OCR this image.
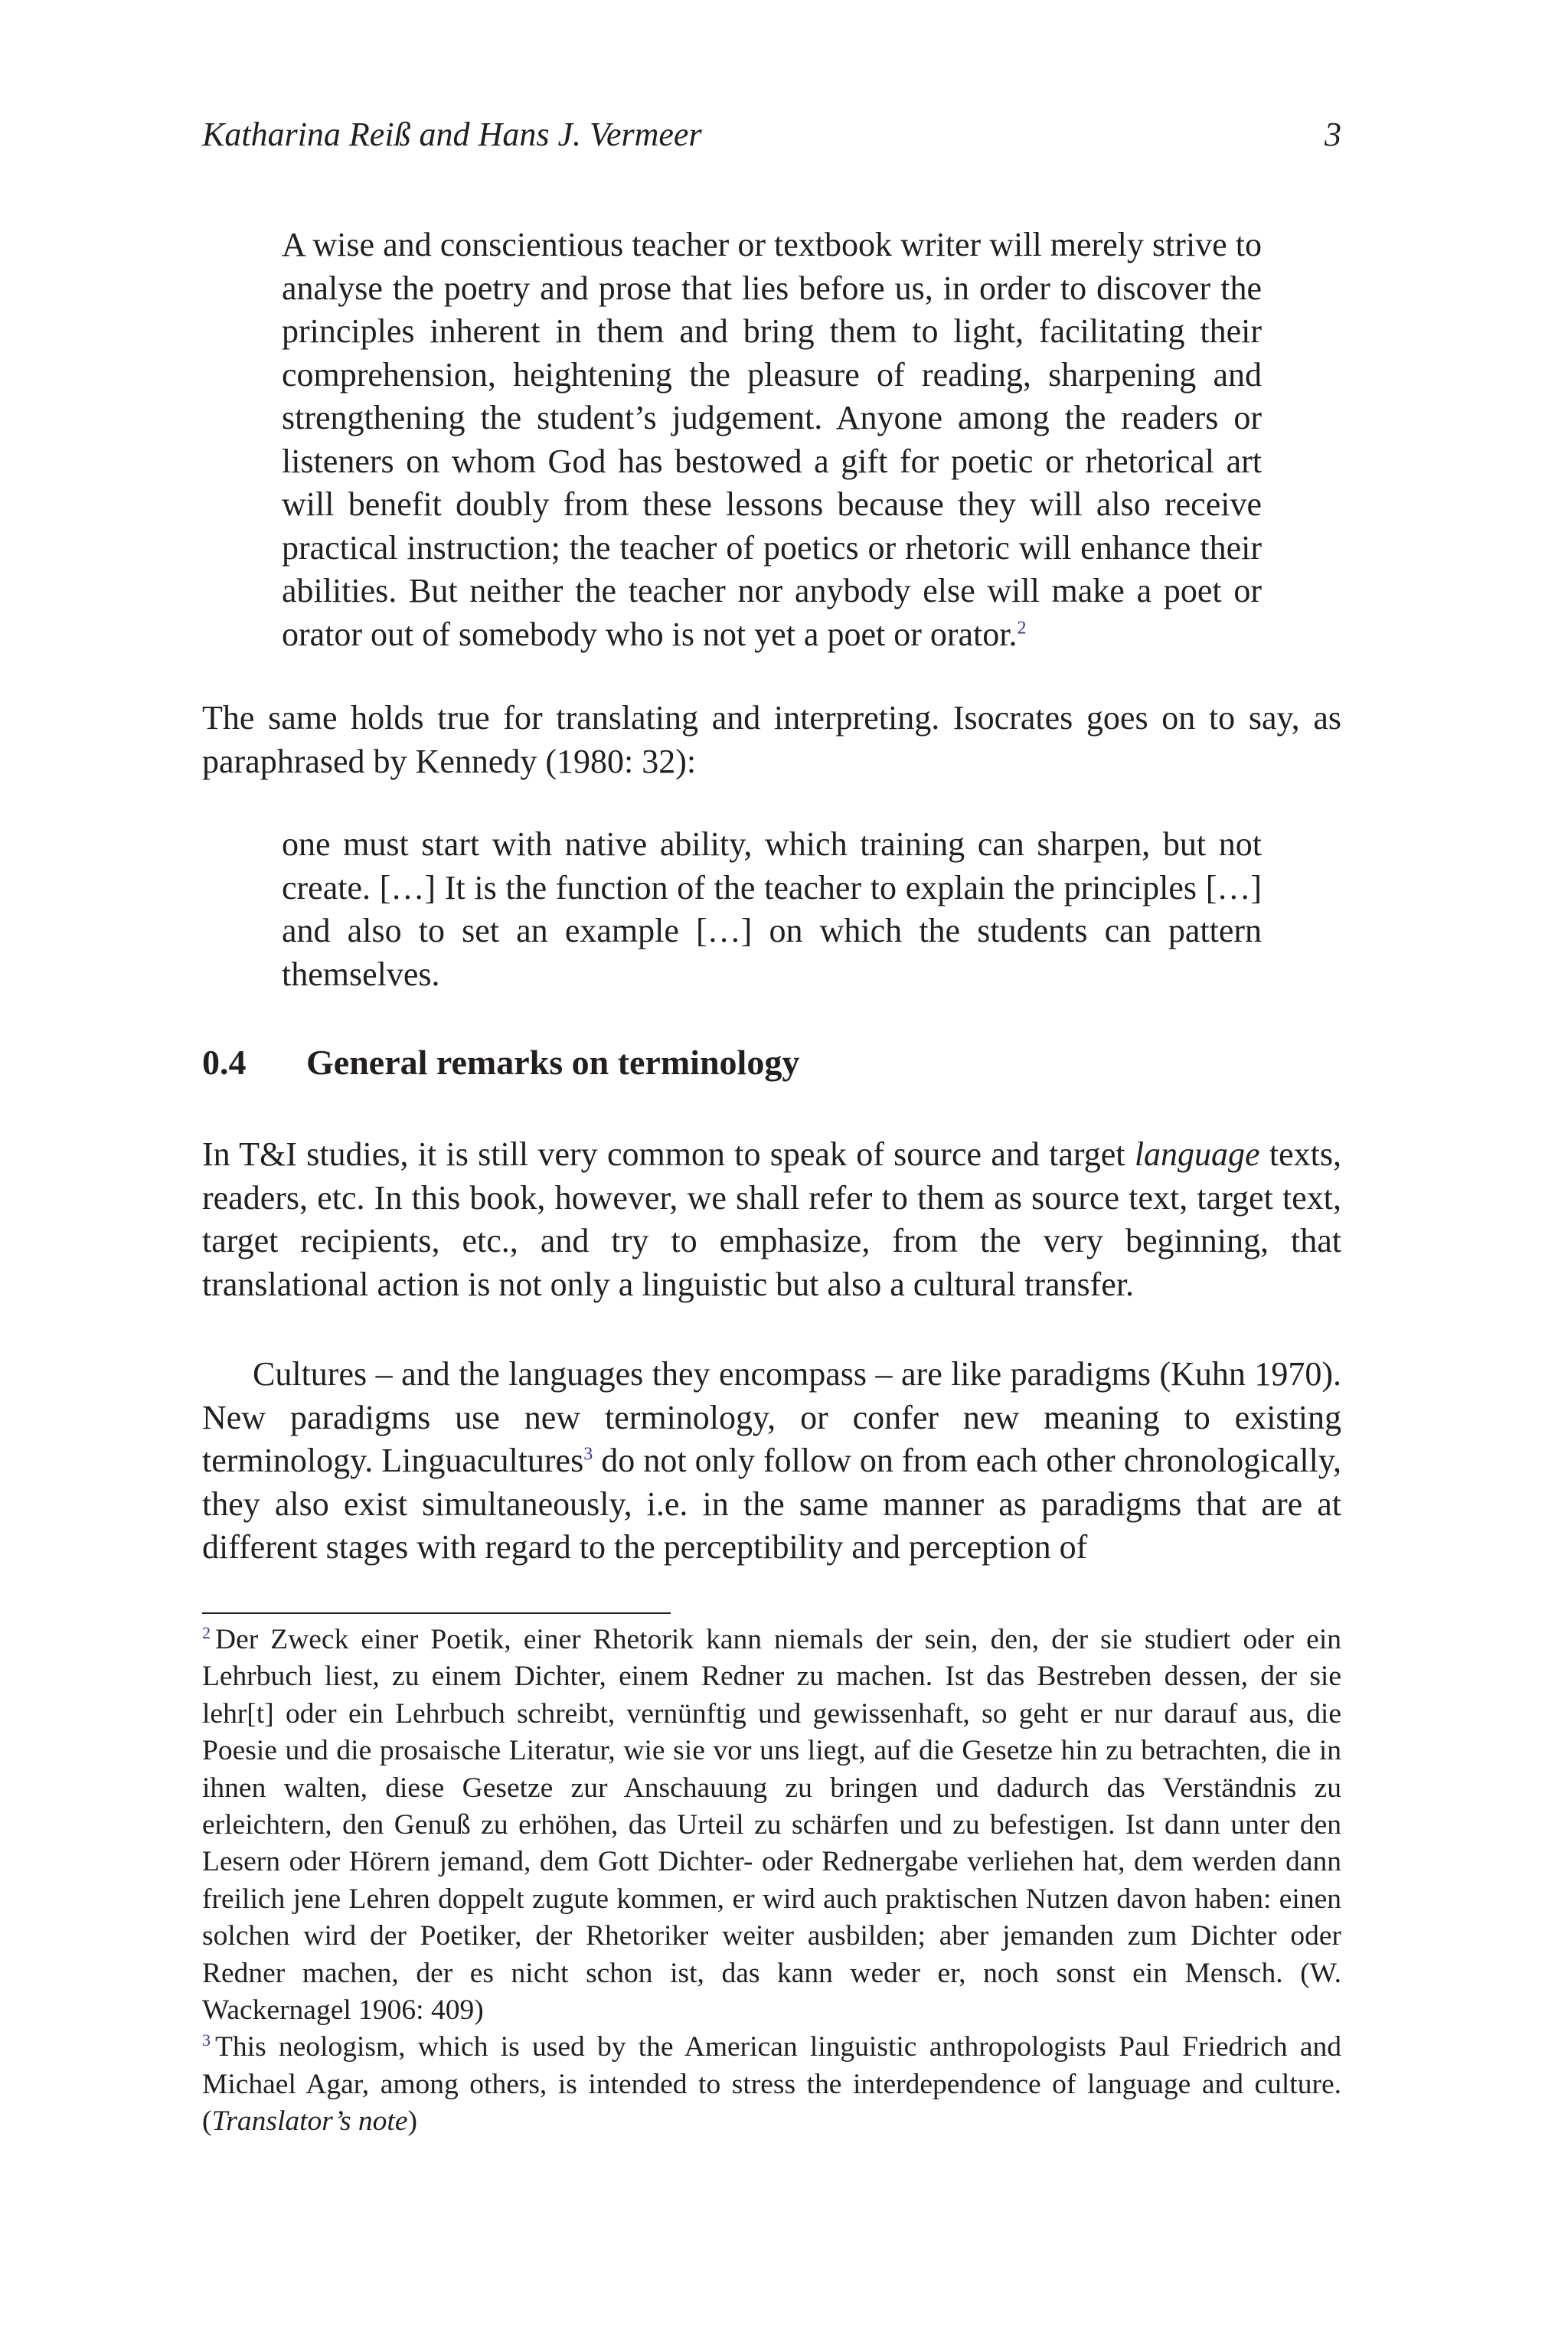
Katharina Reiß and Hans J. Vermeer	3

A wise and conscientious teacher or textbook writer will merely strive to analyse the poetry and prose that lies before us, in order to discover the principles inherent in them and bring them to light, facilitating their comprehension, heightening the pleasure of reading, sharpening and strengthening the student’s judgement. Anyone among the readers or listeners on whom God has bestowed a gift for poetic or rhetorical art will benefit doubly from these lessons because they will also receive practical instruction; the teacher of poetics or rhetoric will enhance their abilities. But neither the teacher nor anybody else will make a poet or orator out of somebody who is not yet a poet or orator.$^2$

The same holds true for translating and interpreting. Isocrates goes on to say, as paraphrased by Kennedy (1980: 32):

one must start with native ability, which training can sharpen, but not create. […] It is the function of the teacher to explain the principles […] and also to set an example […] on which the students can pattern themselves.

0.4 General remarks on terminology

In T&I studies, it is still very common to speak of source and target language texts, readers, etc. In this book, however, we shall refer to them as source text, target text, target recipients, etc., and try to emphasize, from the very beginning, that translational action is not only a linguistic but also a cultural transfer.

Cultures – and the languages they encompass – are like paradigms (Kuhn 1970). New paradigms use new terminology, or confer new meaning to existing terminology. Linguacultures$^3$ do not only follow on from each other chronologically, they also exist simultaneously, i.e. in the same manner as paradigms that are at different stages with regard to the perceptibility and perception of

$^2$ Der Zweck einer Poetik, einer Rhetorik kann niemals der sein, den, der sie studiert oder ein Lehrbuch liest, zu einem Dichter, einem Redner zu machen. Ist das Bestreben dessen, der sie lehr[t] oder ein Lehrbuch schreibt, vernünftig und gewissenhaft, so geht er nur darauf aus, die Poesie und die prosaische Literatur, wie sie vor uns liegt, auf die Gesetze hin zu betrachten, die in ihnen walten, diese Gesetze zur Anschauung zu bringen und dadurch das Verständnis zu erleichtern, den Genuß zu erhöhen, das Urteil zu schärfen und zu befestigen. Ist dann unter den Lesern oder Hörern jemand, dem Gott Dichter- oder Rednergabe verliehen hat, dem werden dann freilich jene Lehren doppelt zugute kommen, er wird auch praktischen Nutzen davon haben: einen solchen wird der Poetiker, der Rhetoriker weiter ausbilden; aber jemanden zum Dichter oder Redner machen, der es nicht schon ist, das kann weder er, noch sonst ein Mensch. (W. Wackernagel 1906: 409)

$^3$ This neologism, which is used by the American linguistic anthropologists Paul Friedrich and Michael Agar, among others, is intended to stress the interdependence of language and culture. (Translator’s note)
